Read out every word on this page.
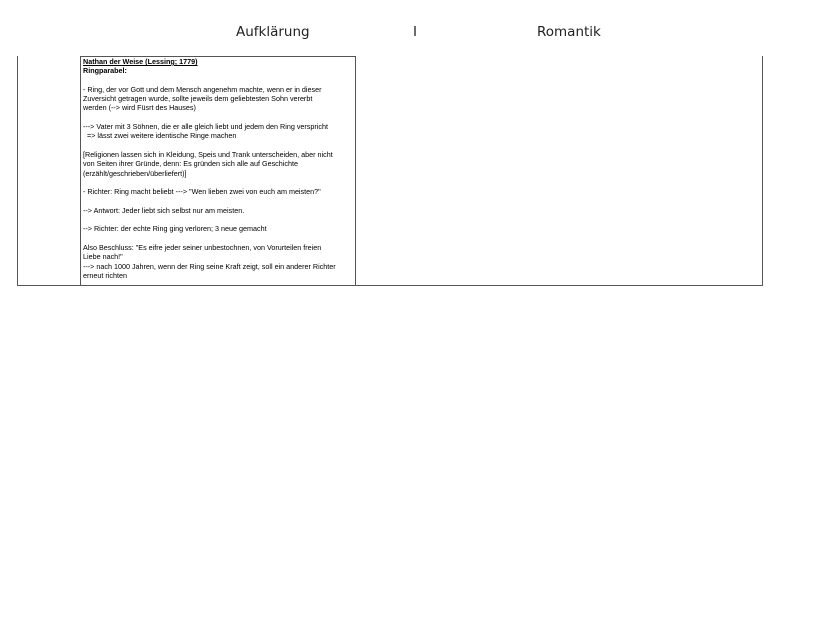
Aufklärung	I	Romantik
Nathan der Weise (Lessing; 1779)
Ringparabel:
- Ring, der vor Gott und dem Mensch angenehm machte, wenn er in dieser
Zuversicht getragen wurde, sollte jeweils dem geliebtesten Sohn vererbt
werden (--> wird Füsrt des Hauses)
---> Vater mit 3 Söhnen, die er alle gleich liebt und jedem den Ring verspricht
=> lässt zwei weitere identische Ringe machen
[Religionen lassen sich in Kleidung, Speis und Trank unterscheiden, aber nicht
von Seiten ihrer Gründe, denn: Es gründen sich alle auf Geschichte
(erzählt/geschrieben/überliefert)]
- Richter: Ring macht beliebt ---> "Wen lieben zwei von euch am meisten?"
--> Antwort: Jeder liebt sich selbst nur am meisten.
--> Richter: der echte Ring ging verloren; 3 neue gemacht
Also Beschluss: "Es eifre jeder seiner unbestochnen, von Vorurteilen freien
Liebe nach!"
---> nach 1000 Jahren, wenn der Ring seine Kraft zeigt, soll ein anderer Richter
erneut richten
